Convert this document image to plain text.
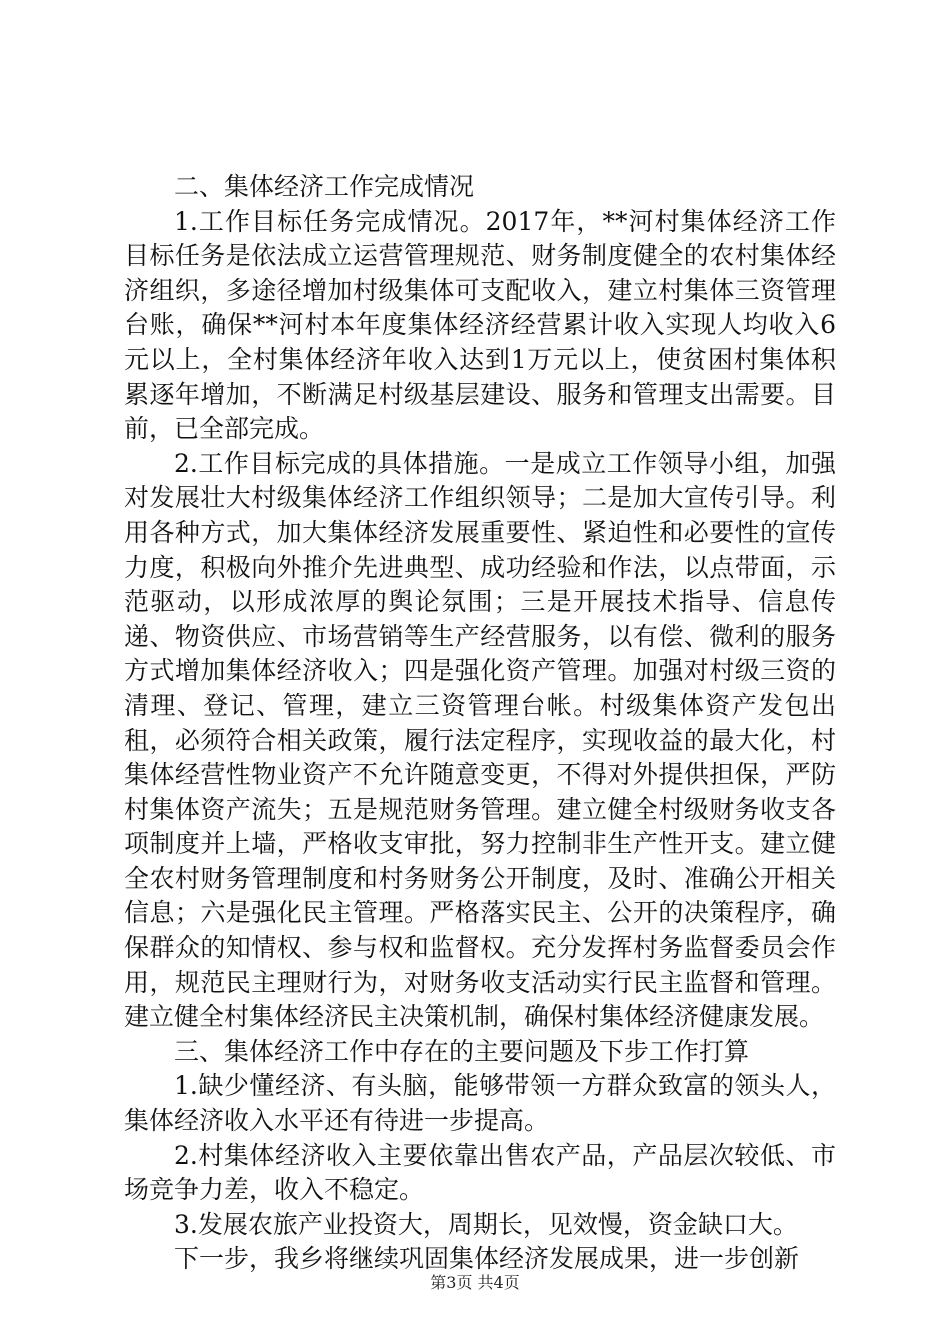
二、集体经济工作完成情况

1.工作目标任务完成情况。2017年，**河村集体经济工作目标任务是依法成立运营管理规范、财务制度健全的农村集体经济组织，多途径增加村级集体可支配收入，建立村集体三资管理台账，确保**河村本年度集体经济经营累计收入实现人均收入6元以上，全村集体经济年收入达到1万元以上，使贫困村集体积累逐年增加，不断满足村级基层建设、服务和管理支出需要。目前，已全部完成。

2.工作目标完成的具体措施。一是成立工作领导小组，加强对发展壮大村级集体经济工作组织领导；二是加大宣传引导。利用各种方式，加大集体经济发展重要性、紧迫性和必要性的宣传力度，积极向外推介先进典型、成功经验和作法，以点带面，示范驱动，以形成浓厚的舆论氛围；三是开展技术指导、信息传递、物资供应、市场营销等生产经营服务，以有偿、微利的服务方式增加集体经济收入；四是强化资产管理。加强对村级三资的清理、登记、管理，建立三资管理台帐。村级集体资产发包出租，必须符合相关政策，履行法定程序，实现收益的最大化，村集体经营性物业资产不允许随意变更，不得对外提供担保，严防村集体资产流失；五是规范财务管理。建立健全村级财务收支各项制度并上墙，严格收支审批，努力控制非生产性开支。建立健全农村财务管理制度和村务财务公开制度，及时、准确公开相关信息；六是强化民主管理。严格落实民主、公开的决策程序，确保群众的知情权、参与权和监督权。充分发挥村务监督委员会作用，规范民主理财行为，对财务收支活动实行民主监督和管理。建立健全村集体经济民主决策机制，确保村集体经济健康发展。

三、集体经济工作中存在的主要问题及下步工作打算

1.缺少懂经济、有头脑，能够带领一方群众致富的领头人，集体经济收入水平还有待进一步提高。

2.村集体经济收入主要依靠出售农产品，产品层次较低、市场竞争力差，收入不稳定。

3.发展农旅产业投资大，周期长，见效慢，资金缺口大。

下一步，我乡将继续巩固集体经济发展成果，进一步创新

第3页 共4页
